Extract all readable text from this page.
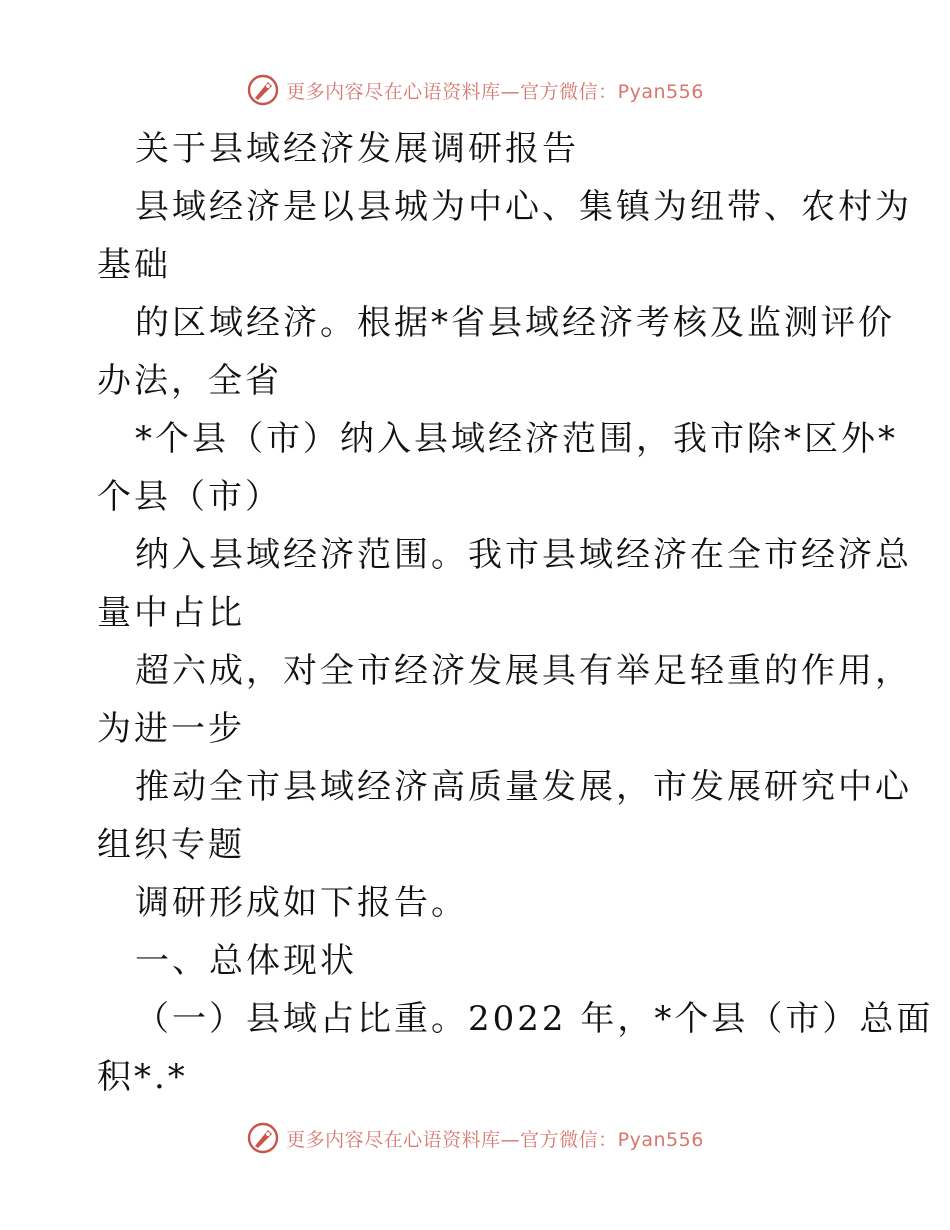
更多内容尽在心语资料库—官方微信：Pyan556
关于县域经济发展调研报告
县域经济是以县城为中心、集镇为纽带、农村为
基础
的区域经济。根据*省县域经济考核及监测评价
办法，全省
*个县（市）纳入县域经济范围，我市除*区外*
个县（市）
纳入县域经济范围。我市县域经济在全市经济总
量中占比
超六成，对全市经济发展具有举足轻重的作用，
为进一步
推动全市县域经济高质量发展，市发展研究中心
组织专题
调研形成如下报告。
一、总体现状
（一）县域占比重。2022 年，*个县（市）总面
积*.*
更多内容尽在心语资料库—官方微信：Pyan556
